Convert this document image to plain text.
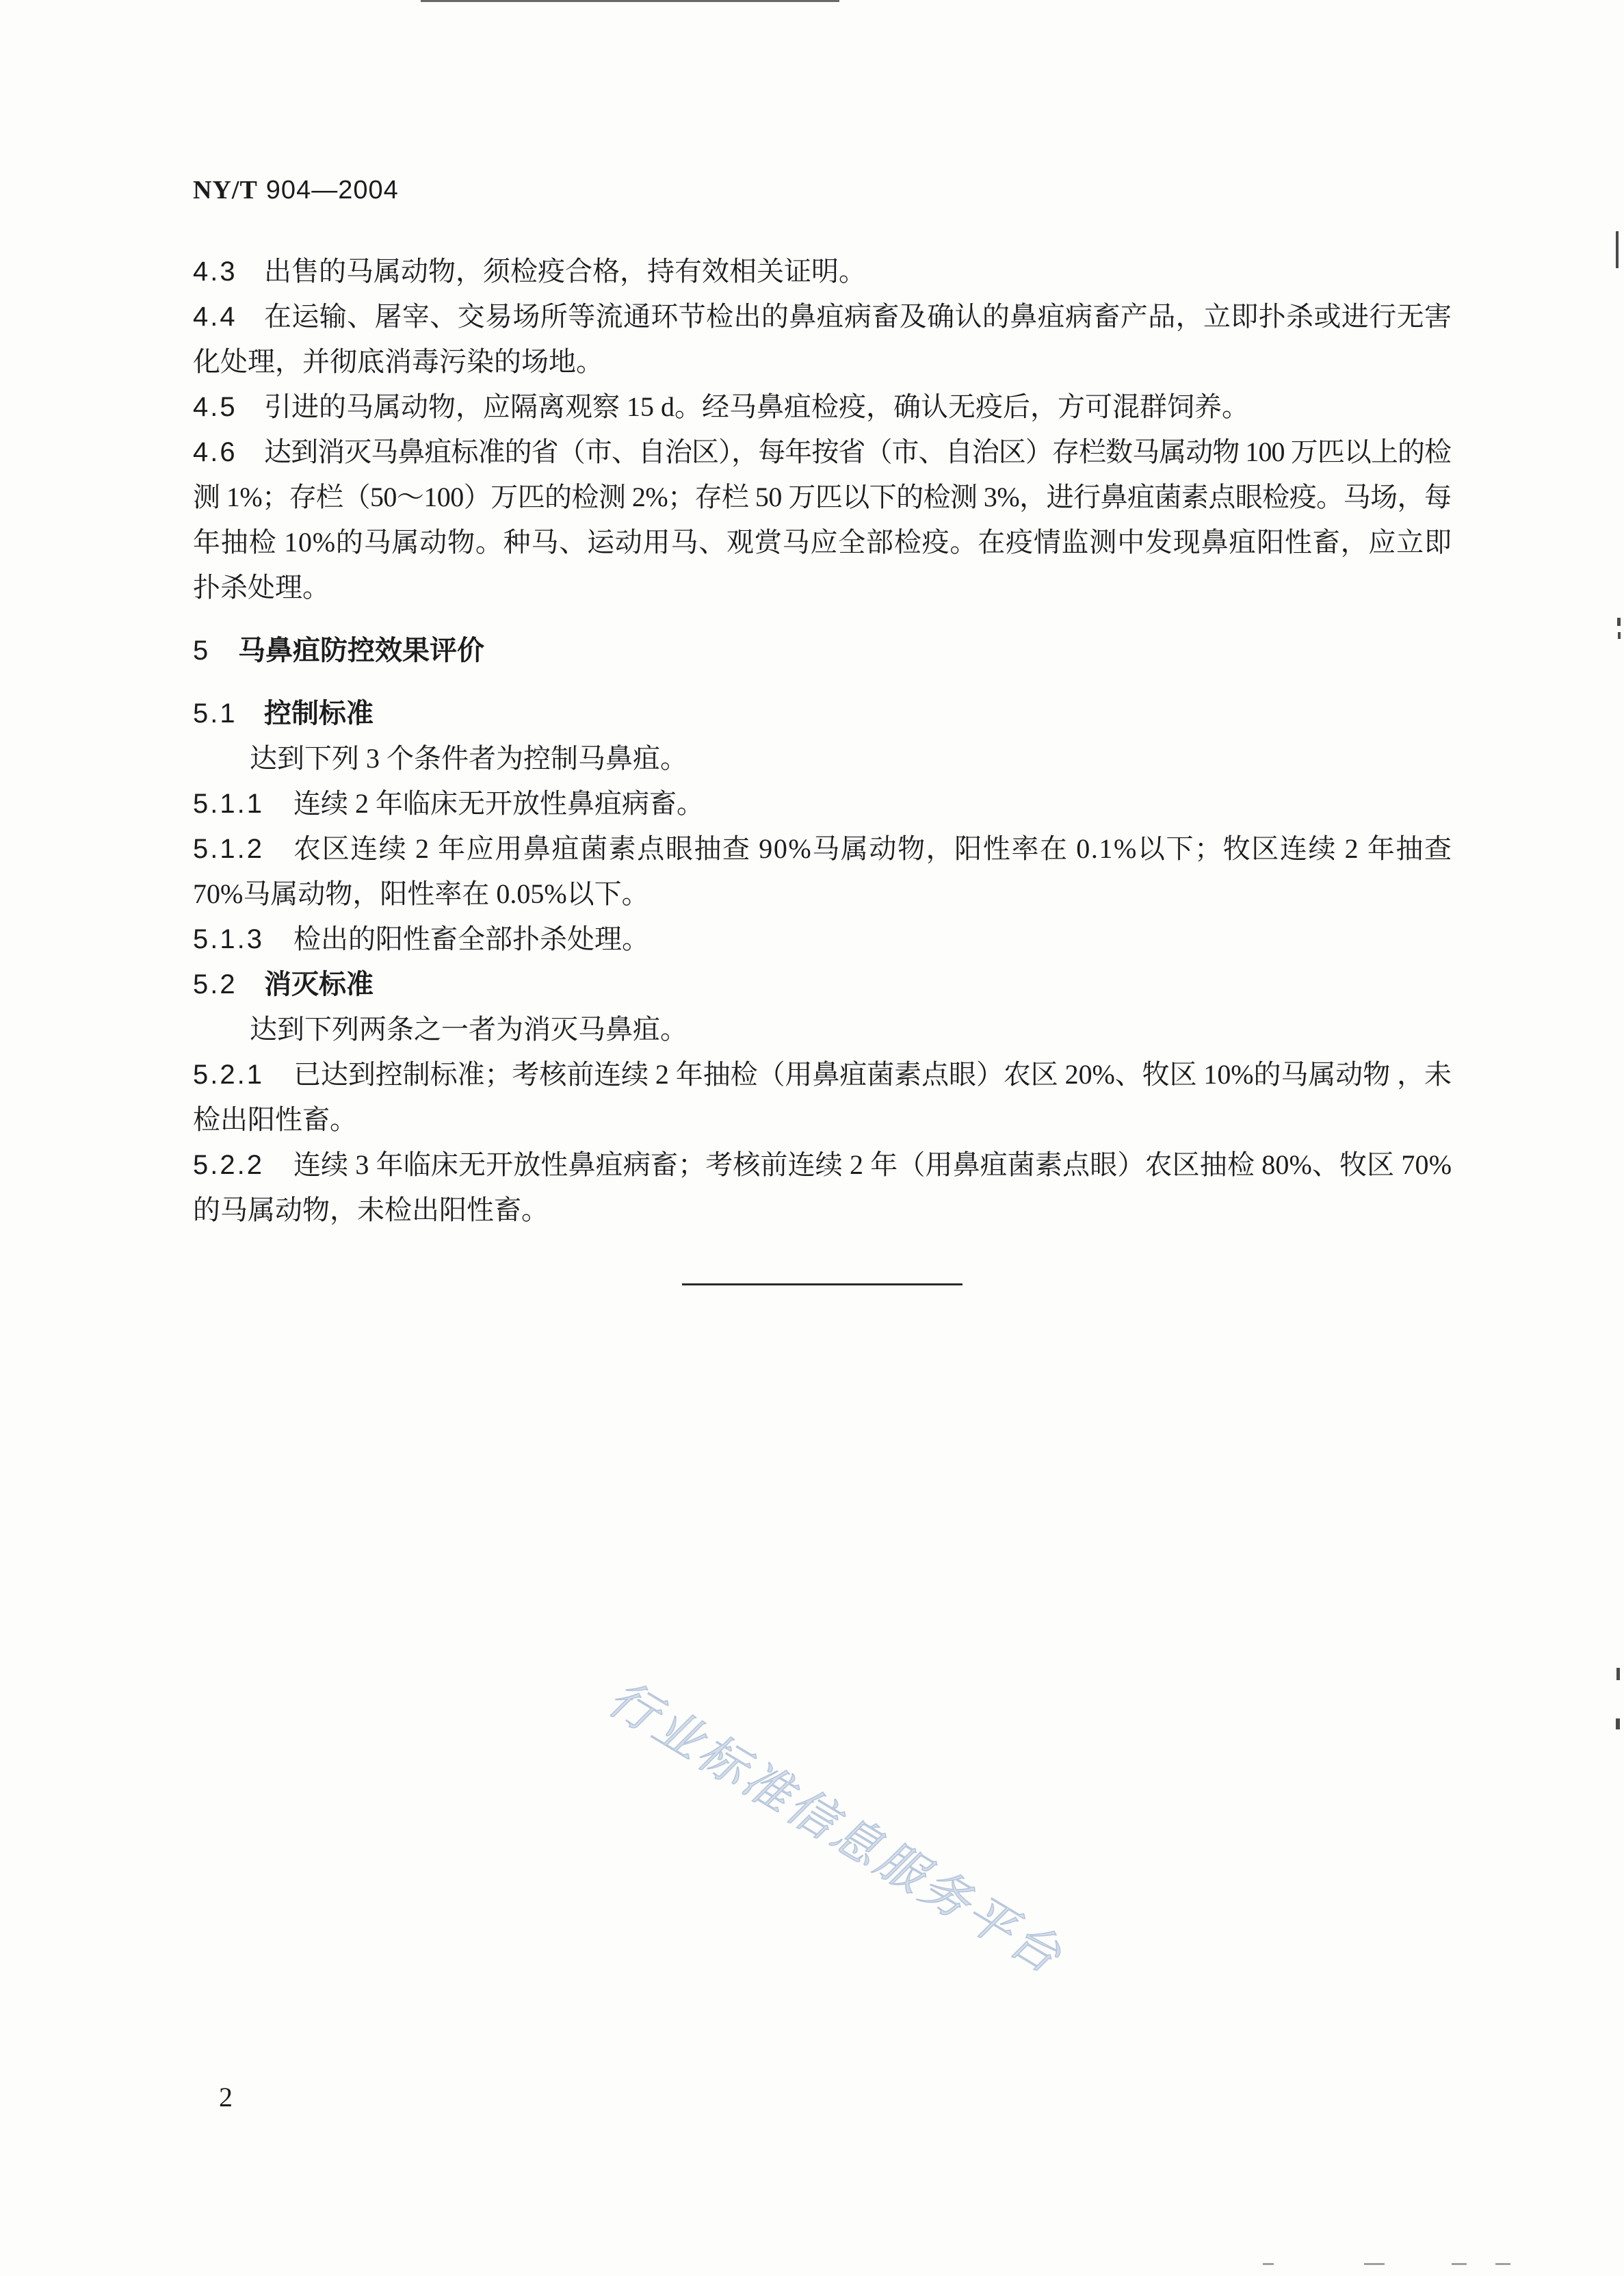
NY/T 904—2004
4.3 出售的马属动物，须检疫合格，持有效相关证明。
4.4 在运输、屠宰、交易场所等流通环节检出的鼻疽病畜及确认的鼻疽病畜产品，立即扑杀或进行无害
化处理，并彻底消毒污染的场地。
4.5 引进的马属动物，应隔离观察 15 d。经马鼻疽检疫，确认无疫后，方可混群饲养。
4.6 达到消灭马鼻疽标准的省（市、自治区），每年按省（市、自治区）存栏数马属动物 100 万匹以上的检
测 1%；存栏（50～100）万匹的检测 2%；存栏 50 万匹以下的检测 3%，进行鼻疽菌素点眼检疫。马场，每
年抽检 10%的马属动物。种马、运动用马、观赏马应全部检疫。在疫情监测中发现鼻疽阳性畜，应立即
扑杀处理。
5	马鼻疽防控效果评价
5.1 控制标准
达到下列 3 个条件者为控制马鼻疽。
5.1.1	连续 2 年临床无开放性鼻疽病畜。
5.1.2	农区连续 2 年应用鼻疽菌素点眼抽查 90%马属动物，阳性率在 0.1%以下；牧区连续 2 年抽查
70%马属动物，阳性率在 0.05%以下。
5.1.3	检出的阳性畜全部扑杀处理。
5.2 消灭标准
达到下列两条之一者为消灭马鼻疽。
5.2.1	已达到控制标准；考核前连续 2 年抽检（用鼻疽菌素点眼）农区 20%、牧区 10%的马属动物 ，未
检出阳性畜。
5.2.2	连续 3 年临床无开放性鼻疽病畜；考核前连续 2 年（用鼻疽菌素点眼）农区抽检 80%、牧区 70%
的马属动物，未检出阳性畜。
行业标准信息服务平台
2
